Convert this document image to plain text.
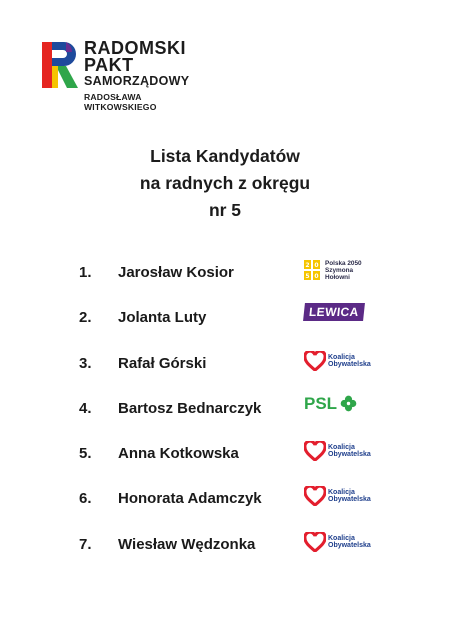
RADOMSKI
PAKT
SAMORZĄDOWY
RADOSŁAWA
WITKOWSKIEGO
Lista Kandydatów
na radnych z okręgu
nr 5
1. Jarosław Kosior	2 0
5 0
Polska 2050
Szymona
Hołowni
2. Jolanta Luty	LEWICA
3. Rafał Górski	Koalicja
Obywatelska
4. Bartosz Bednarczyk	PSL
5. Anna Kotkowska	Koalicja
Obywatelska
6. Honorata Adamczyk	Koalicja
Obywatelska
7. Wiesław Wędzonka	Koalicja
Obywatelska
